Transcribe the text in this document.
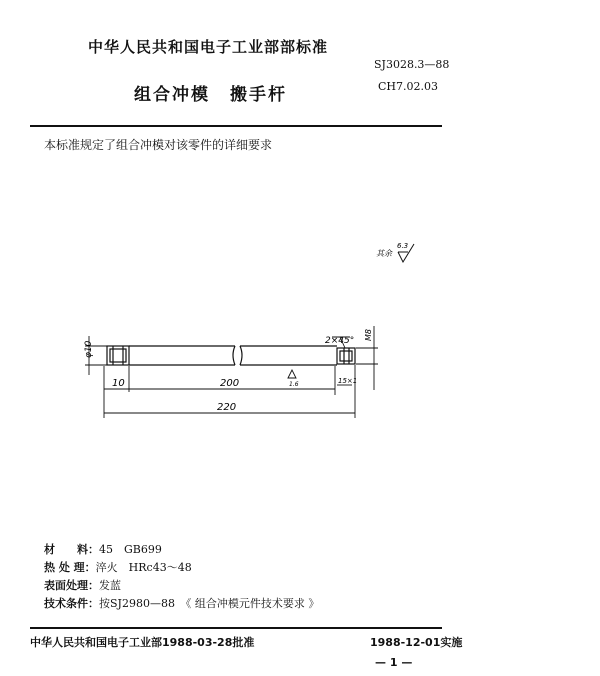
中华人民共和国电子工业部部标准
SJ3028.3—88
组合冲模 搬手杆	CH7.02.03
本标准规定了组合冲模对该零件的详细要求
其余
6.3
φ10
10	200
220
2×45° M8
1.6	15×1
材　　料：45　GB699
热 处 理：淬火　HRc43～48
表面处理：发蓝
技术条件：按SJ2980—88　《 组合冲模元件技术要求 》
中华人民共和国电子工业部1988-03-28批准	1988-12-01实施
— 1 —
